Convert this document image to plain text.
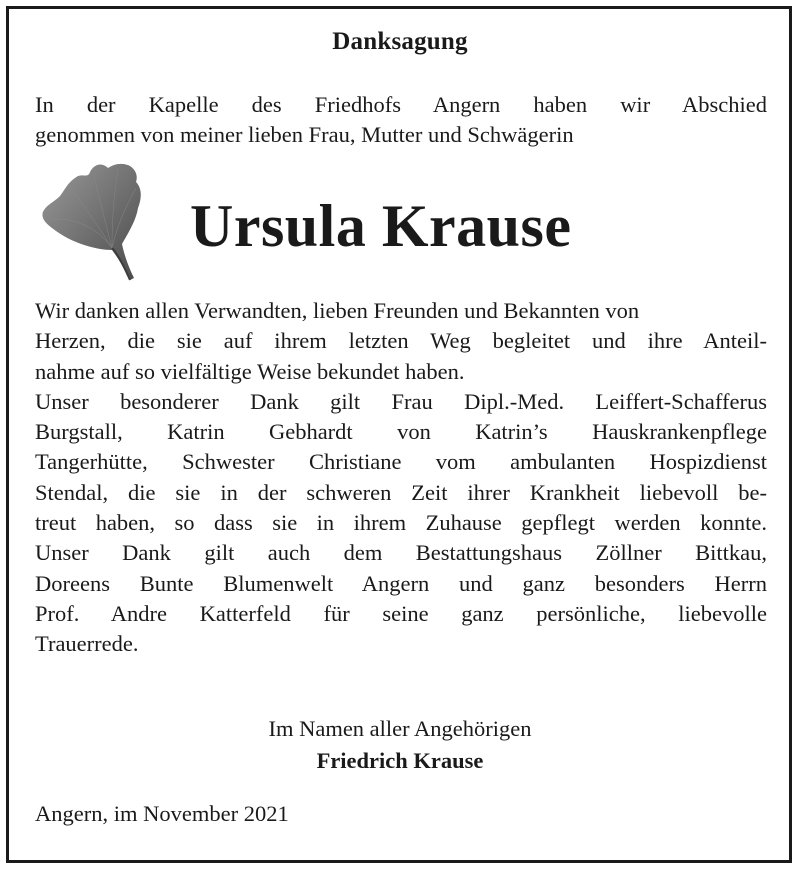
Danksagung
In der Kapelle des Friedhofs Angern haben wir Abschied
genommen von meiner lieben Frau, Mutter und Schwägerin
Ursula Krause
Wir danken allen Verwandten, lieben Freunden und Bekannten von
Herzen, die sie auf ihrem letzten Weg begleitet und ihre Anteil-
nahme auf so vielfältige Weise bekundet haben.
Unser besonderer Dank gilt Frau Dipl.-Med. Leiffert-Schafferus
Burgstall, Katrin Gebhardt von Katrin’s Hauskrankenpflege
Tangerhütte, Schwester Christiane vom ambulanten Hospizdienst
Stendal, die sie in der schweren Zeit ihrer Krankheit liebevoll be-
treut haben, so dass sie in ihrem Zuhause gepflegt werden konnte.
Unser Dank gilt auch dem Bestattungshaus Zöllner Bittkau,
Doreens Bunte Blumenwelt Angern und ganz besonders Herrn
Prof. Andre Katterfeld für seine ganz persönliche, liebevolle
Trauerrede.
Im Namen aller Angehörigen
Friedrich Krause
Angern, im November 2021
